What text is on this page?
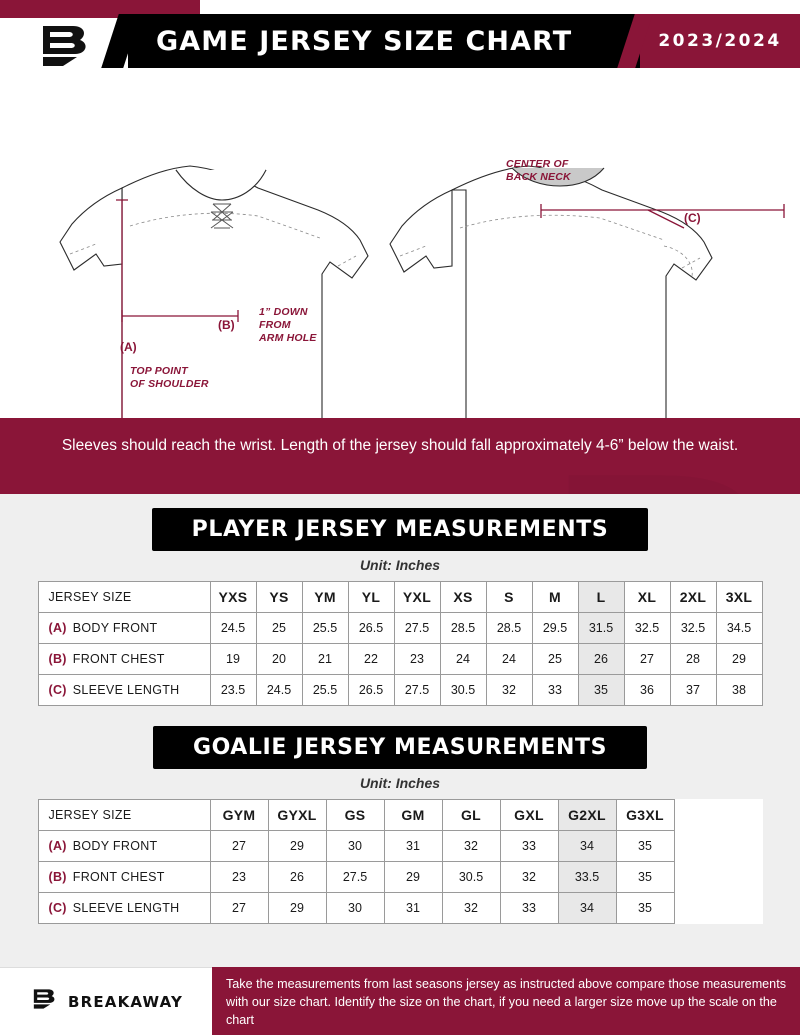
GAME JERSEY SIZE CHART	2023/2024
(A)
(B)
(C)
TOP POINT
OF SHOULDER
1” DOWN
FROM
ARM HOLE
CENTER OF
BACK NECK
Sleeves should reach the wrist. Length of the jersey should fall approximately 4-6” below the waist.
PLAYER JERSEY MEASUREMENTS
Unit: Inches
JERSEY SIZE	YXS	YS	YM	YL	YXL	XS	S	M	L	XL	2XL	3XL
(A) BODY FRONT	24.5	25	25.5	26.5	27.5	28.5	28.5	29.5	31.5	32.5	32.5	34.5
(B) FRONT CHEST	19	20	21	22	23	24	24	25	26	27	28	29
(C) SLEEVE LENGTH	23.5	24.5	25.5	26.5	27.5	30.5	32	33	35	36	37	38
GOALIE JERSEY MEASUREMENTS
Unit: Inches
JERSEY SIZE	GYM	GYXL	GS	GM	GL	GXL	G2XL	G3XL	
(A) BODY FRONT	27	29	30	31	32	33	34	35	
(B) FRONT CHEST	23	26	27.5	29	30.5	32	33.5	35	
(C) SLEEVE LENGTH	27	29	30	31	32	33	34	35	
BREAKAWAY
Take the measurements from last seasons jersey as instructed above compare those measurements with our size chart. Identify the size on the chart, if you need a larger size move up the scale on the chart
